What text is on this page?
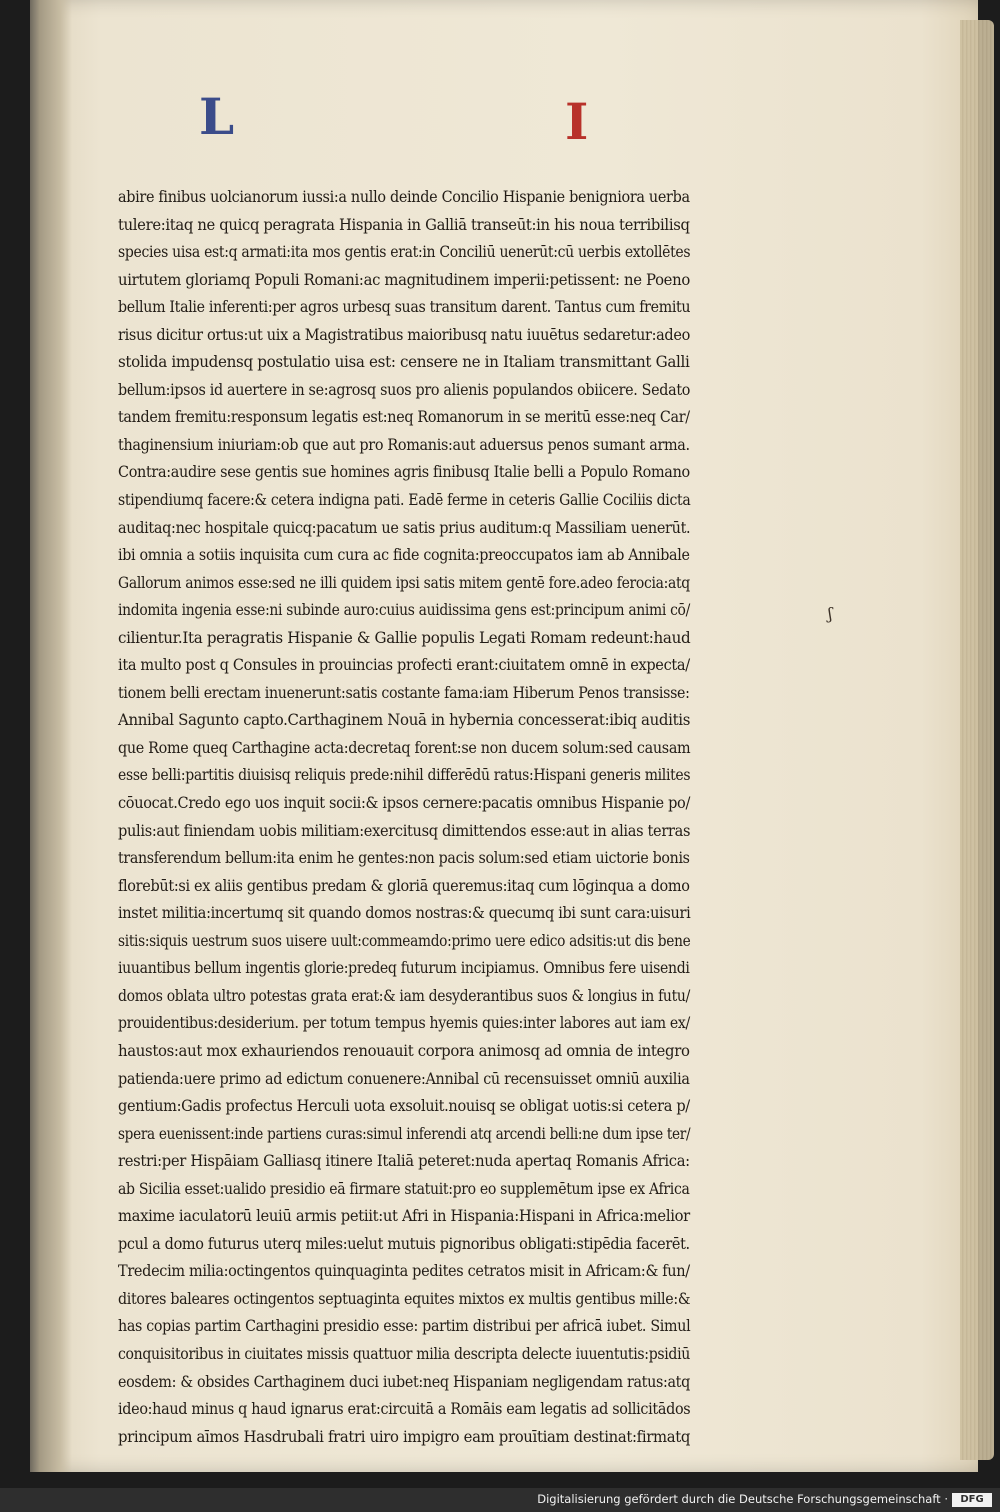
L	I
abire finibus uolcianorum iussi:a nullo deinde Concilio Hispanie benigniora uerba
tulere:itaq ne quicq peragrata Hispania in Galliā transeūt:in his noua terribilisq
species uisa est:q armati:ita mos gentis erat:in Conciliū uenerūt:cū uerbis extollētes
uirtutem gloriamq Populi Romani:ac magnitudinem imperii:petissent: ne Poeno
bellum Italie inferenti:per agros urbesq suas transitum darent. Tantus cum fremitu
risus dicitur ortus:ut uix a Magistratibus maioribusq natu iuuētus sedaretur:adeo
stolida impudensq postulatio uisa est: censere ne in Italiam transmittant Galli
bellum:ipsos id auertere in se:agrosq suos pro alienis populandos obiicere. Sedato
tandem fremitu:responsum legatis est:neq Romanorum in se meritū esse:neq Car/
thaginensium iniuriam:ob que aut pro Romanis:aut aduersus penos sumant arma.
Contra:audire sese gentis sue homines agris finibusq Italie belli a Populo Romano
stipendiumq facere:& cetera indigna pati. Eadē ferme in ceteris Gallie Cociliis dicta
auditaq:nec hospitale quicq:pacatum ue satis prius auditum:q Massiliam uenerūt.
ibi omnia a sotiis inquisita cum cura ac fide cognita:preoccupatos iam ab Annibale
Gallorum animos esse:sed ne illi quidem ipsi satis mitem gentē fore.adeo ferocia:atq
indomita ingenia esse:ni subinde auro:cuius auidissima gens est:principum animi cō/
cilientur.Ita peragratis Hispanie & Gallie populis Legati Romam redeunt:haud
ita multo post q Consules in prouincias profecti erant:ciuitatem omnē in expecta/
tionem belli erectam inuenerunt:satis costante fama:iam Hiberum Penos transisse:
Annibal Sagunto capto.Carthaginem Nouā in hybernia concesserat:ibiq auditis
que Rome queq Carthagine acta:decretaq forent:se non ducem solum:sed causam
esse belli:partitis diuisisq reliquis prede:nihil differēdū ratus:Hispani generis milites
cōuocat.Credo ego uos inquit socii:& ipsos cernere:pacatis omnibus Hispanie po/
pulis:aut finiendam uobis militiam:exercitusq dimittendos esse:aut in alias terras
transferendum bellum:ita enim he gentes:non pacis solum:sed etiam uictorie bonis
florebūt:si ex aliis gentibus predam & gloriā queremus:itaq cum lōginqua a domo
instet militia:incertumq sit quando domos nostras:& quecumq ibi sunt cara:uisuri
sitis:siquis uestrum suos uisere uult:commeamdo:primo uere edico adsitis:ut dis bene
iuuantibus bellum ingentis glorie:predeq futurum incipiamus. Omnibus fere uisendi
domos oblata ultro potestas grata erat:& iam desyderantibus suos & longius in futu/
prouidentibus:desiderium. per totum tempus hyemis quies:inter labores aut iam ex/
haustos:aut mox exhauriendos renouauit corpora animosq ad omnia de integro
patienda:uere primo ad edictum conuenere:Annibal cū recensuisset omniū auxilia
gentium:Gadis profectus Herculi uota exsoluit.nouisq se obligat uotis:si cetera p/
spera euenissent:inde partiens curas:simul inferendi atq arcendi belli:ne dum ipse ter/
restri:per Hispāiam Galliasq itinere Italiā peteret:nuda apertaq Romanis Africa:
ab Sicilia esset:ualido presidio eā firmare statuit:pro eo supplemētum ipse ex Africa
maxime iaculatorū leuiū armis petiit:ut Afri in Hispania:Hispani in Africa:melior
pcul a domo futurus uterq miles:uelut mutuis pignoribus obligati:stipēdia facerēt.
Tredecim milia:octingentos quinquaginta pedites cetratos misit in Africam:& fun/
ditores baleares octingentos septuaginta equites mixtos ex multis gentibus mille:&
has copias partim Carthagini presidio esse: partim distribui per africā iubet. Simul
conquisitoribus in ciuitates missis quattuor milia descripta delecte iuuentutis:psidiū
eosdem: & obsides Carthaginem duci iubet:neq Hispaniam negligendam ratus:atq
ideo:haud minus q haud ignarus erat:circuitā a Romāis eam legatis ad sollicitādos
principum aīmos Hasdrubali fratri uiro impigro eam prouītiam destinat:firmatq
ʃ
Digitalisierung gefördert durch die Deutsche Forschungsgemeinschaft ·	DFG
